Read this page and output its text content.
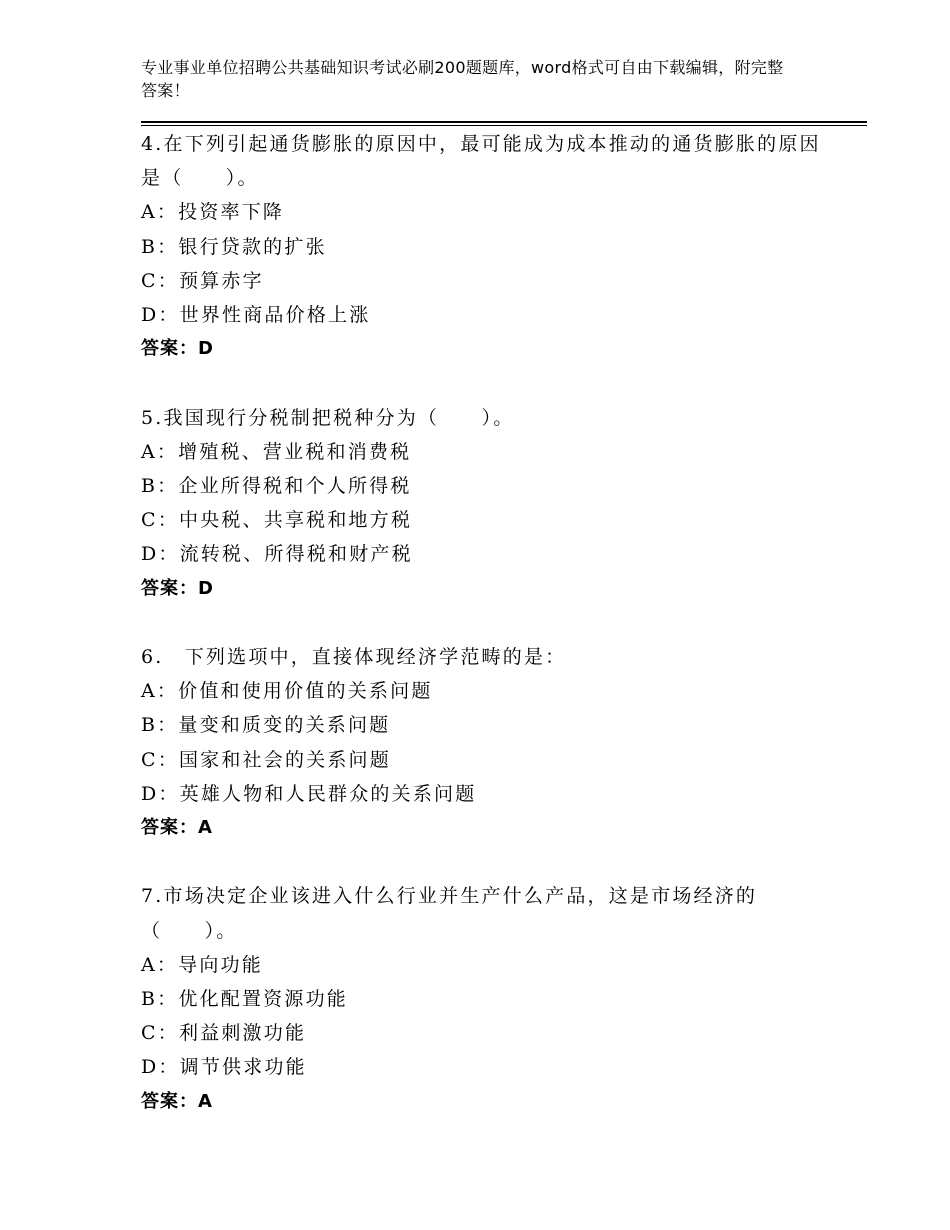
专业事业单位招聘公共基础知识考试必刷200题题库，word格式可自由下载编辑，附完整答案！
4.在下列引起通货膨胀的原因中，最可能成为成本推动的通货膨胀的原因是（　　）。
A：投资率下降
B：银行贷款的扩张
C：预算赤字
D：世界性商品价格上涨
答案：D
5.我国现行分税制把税种分为（　　）。
A：增殖税、营业税和消费税
B：企业所得税和个人所得税
C：中央税、共享税和地方税
D：流转税、所得税和财产税
答案：D
6.　下列选项中，直接体现经济学范畴的是：
A：价值和使用价值的关系问题
B：量变和质变的关系问题
C：国家和社会的关系问题
D：英雄人物和人民群众的关系问题
答案：A
7.市场决定企业该进入什么行业并生产什么产品，这是市场经济的（　　）。
A：导向功能
B：优化配置资源功能
C：利益刺激功能
D：调节供求功能
答案：A
